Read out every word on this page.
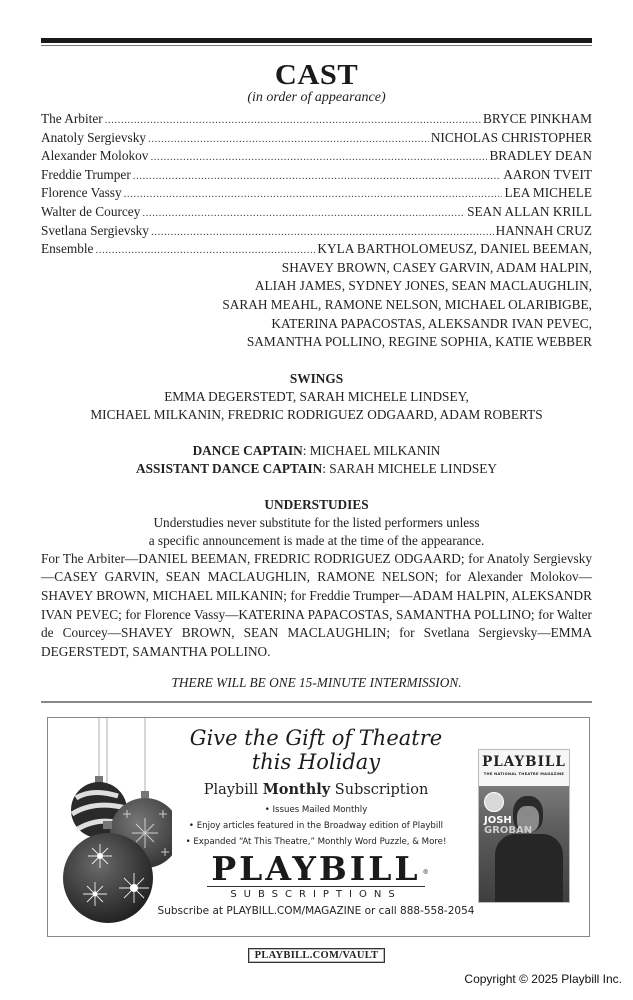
CAST
(in order of appearance)
The Arbiter .....	BRYCE PINKHAM
Anatoly Sergievsky .....	NICHOLAS CHRISTOPHER
Alexander Molokov .....	BRADLEY DEAN
Freddie Trumper .....	AARON TVEIT
Florence Vassy .....	LEA MICHELE
Walter de Courcey .....	SEAN ALLAN KRILL
Svetlana Sergievsky .....	HANNAH CRUZ
Ensemble .....	KYLA BARTHOLOMEUSZ, DANIEL BEEMAN,
SHAVEY BROWN, CASEY GARVIN, ADAM HALPIN,
ALIAH JAMES, SYDNEY JONES, SEAN MACLAUGHLIN,
SARAH MEAHL, RAMONE NELSON, MICHAEL OLARIBIGBE,
KATERINA PAPACOSTAS, ALEKSANDR IVAN PEVEC,
SAMANTHA POLLINO, REGINE SOPHIA, KATIE WEBBER
SWINGS
EMMA DEGERSTEDT, SARAH MICHELE LINDSEY,
MICHAEL MILKANIN, FREDRIC RODRIGUEZ ODGAARD, ADAM ROBERTS
DANCE CAPTAIN: MICHAEL MILKANIN
ASSISTANT DANCE CAPTAIN: SARAH MICHELE LINDSEY
UNDERSTUDIES
Understudies never substitute for the listed performers unless
a specific announcement is made at the time of the appearance.
For The Arbiter—DANIEL BEEMAN, FREDRIC RODRIGUEZ ODGAARD; for Anatoly Sergievsky—CASEY GARVIN, SEAN MACLAUGHLIN, RAMONE NELSON; for Alexander Molokov—SHAVEY BROWN, MICHAEL MILKANIN; for Freddie Trumper—ADAM HALPIN, ALEKSANDR IVAN PEVEC; for Florence Vassy—KATERINA PAPACOSTAS, SAMANTHA POLLINO; for Walter de Courcey—SHAVEY BROWN, SEAN MACLAUGHLIN; for Svetlana Sergievsky—EMMA DEGERSTEDT, SAMANTHA POLLINO.
THERE WILL BE ONE 15-MINUTE INTERMISSION.
Give the Gift of Theatre
this Holiday
Playbill Monthly Subscription
• Issues Mailed Monthly
• Enjoy articles featured in the Broadway edition of Playbill
• Expanded “At This Theatre,” Monthly Word Puzzle, & More!
PLAYBILL ®
SUBSCRIPTIONS
Subscribe at PLAYBILL.COM/MAGAZINE or call 888-558-2054
PLAYBILL
THE NATIONAL THEATRE MAGAZINE
JOSH
GROBAN
PLAYBILL.COM/VAULT
Copyright © 2025 Playbill Inc.
